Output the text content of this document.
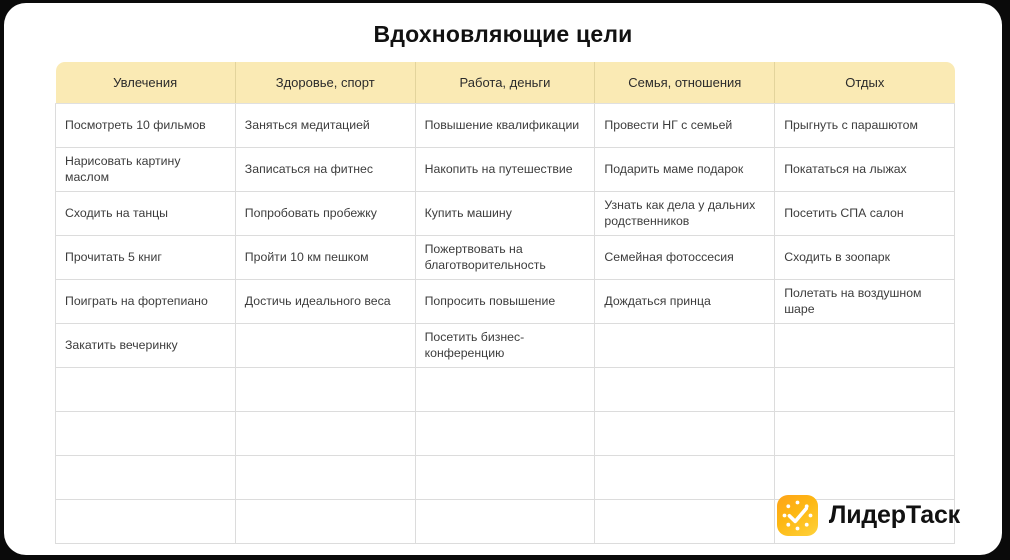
Вдохновляющие цели
Увлечения	Здоровье, спорт	Работа, деньги	Семья, отношения	Отдых
Посмотреть 10 фильмов	Заняться медитацией	Повышение квалификации	Провести НГ с семьей	Прыгнуть с парашютом
Нарисовать картину маслом	Записаться на фитнес	Накопить на путешествие	Подарить маме подарок	Покататься на лыжах
Сходить на танцы	Попробовать пробежку	Купить машину	Узнать как дела у дальних родственников	Посетить СПА салон
Прочитать 5 книг	Пройти 10 км пешком	Пожертвовать на благотворительность	Семейная фотоссесия	Сходить в зоопарк
Поиграть на фортепиано	Достичь идеального веса	Попросить повышение	Дождаться принца	Полетать на воздушном шаре
Закатить вечеринку		Посетить бизнес-конференцию		

ЛидерТаск
